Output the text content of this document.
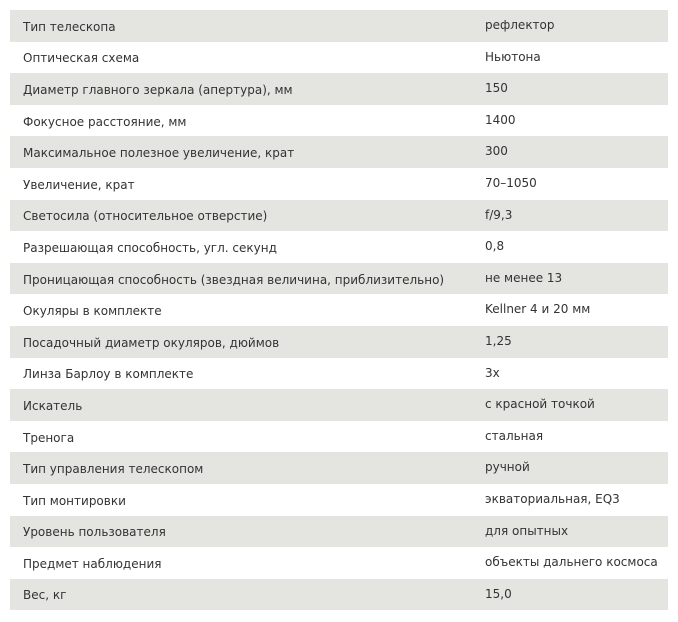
Тип телескопа	рефлектор
Оптическая схема	Ньютона
Диаметр главного зеркала (апертура), мм	150
Фокусное расстояние, мм	1400
Максимальное полезное увеличение, крат	300
Увеличение, крат	70–1050
Светосила (относительное отверстие)	f/9,3
Разрешающая способность, угл. секунд	0,8
Проницающая способность (звездная величина, приблизительно)	не менее 13
Окуляры в комплекте	Kellner 4 и 20 мм
Посадочный диаметр окуляров, дюймов	1,25
Линза Барлоу в комплекте	3x
Искатель	с красной точкой
Тренога	стальная
Тип управления телескопом	ручной
Тип монтировки	экваториальная, EQ3
Уровень пользователя	для опытных
Предмет наблюдения	объекты дальнего космоса
Вес, кг	15,0
